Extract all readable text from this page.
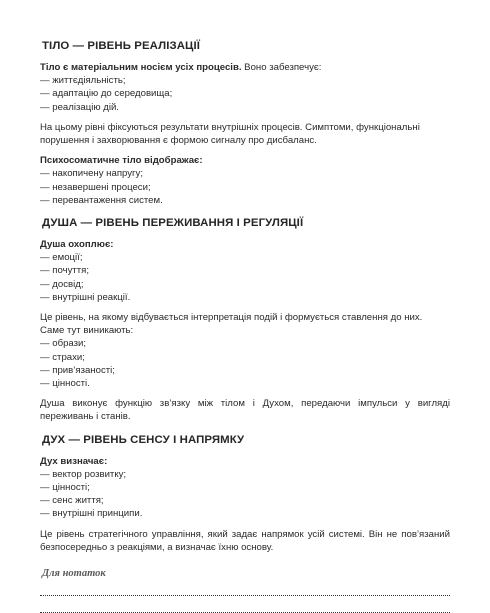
ТІЛО — РІВЕНЬ РЕАЛІЗАЦІЇ
Тіло є матеріальним носієм усіх процесів. Воно забезпечує:
— життєдіяльність;
— адаптацію до середовища;
— реалізацію дій.

На цьому рівні фіксуються результати внутрішніх процесів. Симптоми, функціональні порушення і захворювання є формою сигналу про дисбаланс.

Психосоматичне тіло відображає:
— накопичену напругу;
— незавершені процеси;
— перевантаження систем.
ДУША — РІВЕНЬ ПЕРЕЖИВАННЯ І РЕГУЛЯЦІЇ
Душа охоплює:
— емоції;
— почуття;
— досвід;
— внутрішні реакції.

Це рівень, на якому відбувається інтерпретація подій і формується ставлення до них.

Саме тут виникають:
— образи;
— страхи;
— прив’язаності;
— цінності.

Душа виконує функцію зв’язку між тілом і Духом, передаючи імпульси у вигляді переживань і станів.

ДУХ — РІВЕНЬ СЕНСУ І НАПРЯМКУ
Дух визначає:
— вектор розвитку;
— цінності;
— сенс життя;
— внутрішні принципи.

Це рівень стратегічного управління, який задає напрямок усій системі. Він не пов’язаний безпосередньо з реакціями, а визначає їхню основу.

Для нотаток
